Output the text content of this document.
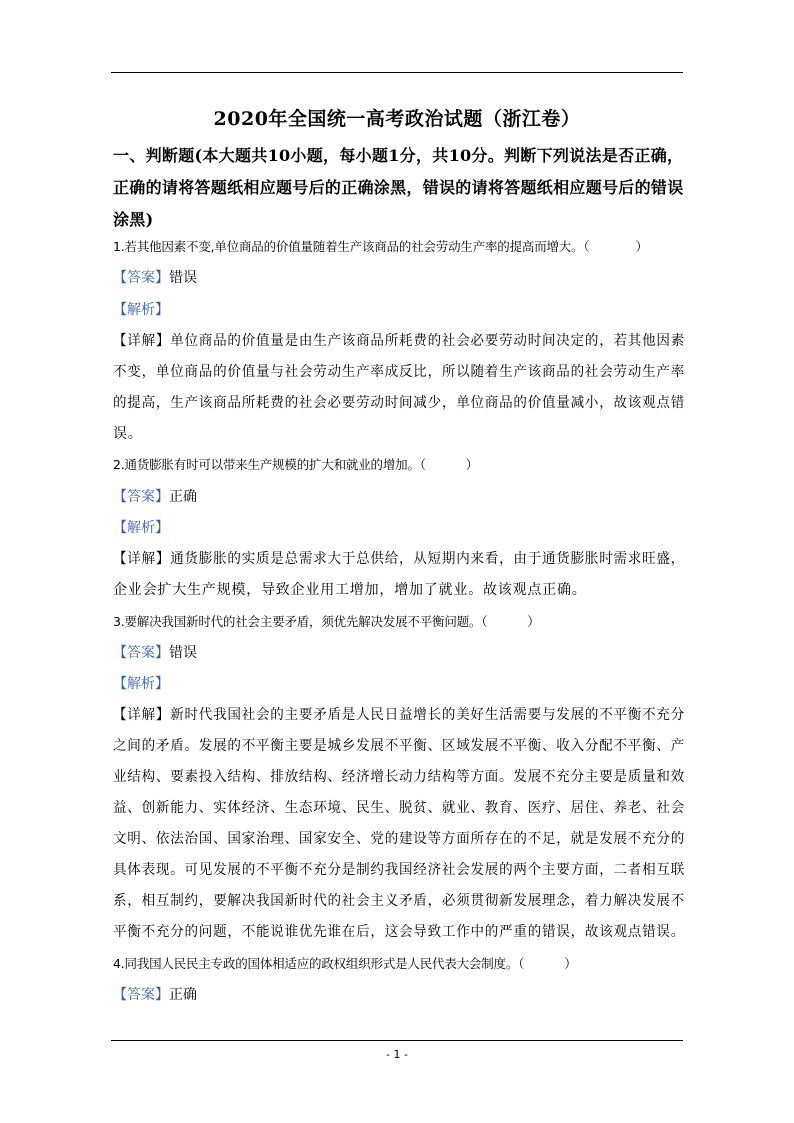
2020年全国统一高考政治试题（浙江卷）
一、判断题(本大题共10小题，每小题1分，共10分。判断下列说法是否正确，正确的请将答题纸相应题号后的正确涂黑，错误的请将答题纸相应题号后的错误涂黑)
1.若其他因素不变,单位商品的价值量随着生产该商品的社会劳动生产率的提高而增大。（	）
【答案】错误
【解析】
【详解】单位商品的价值量是由生产该商品所耗费的社会必要劳动时间决定的，若其他因素
不变，单位商品的价值量与社会劳动生产率成反比，所以随着生产该商品的社会劳动生产率
的提高，生产该商品所耗费的社会必要劳动时间减少，单位商品的价值量减小，故该观点错
误。
2.通货膨胀有时可以带来生产规模的扩大和就业的增加。（	）
【答案】正确
【解析】
【详解】通货膨胀的实质是总需求大于总供给，从短期内来看，由于通货膨胀时需求旺盛，
企业会扩大生产规模，导致企业用工增加，增加了就业。故该观点正确。
3.要解决我国新时代的社会主要矛盾，须优先解决发展不平衡问题。（	）
【答案】错误
【解析】
【详解】新时代我国社会的主要矛盾是人民日益增长的美好生活需要与发展的不平衡不充分
之间的矛盾。发展的不平衡主要是城乡发展不平衡、区域发展不平衡、收入分配不平衡、产
业结构、要素投入结构、排放结构、经济增长动力结构等方面。发展不充分主要是质量和效
益、创新能力、实体经济、生态环境、民生、脱贫、就业、教育、医疗、居住、养老、社会
文明、依法治国、国家治理、国家安全、党的建设等方面所存在的不足，就是发展不充分的
具体表现。可见发展的不平衡不充分是制约我国经济社会发展的两个主要方面，二者相互联
系，相互制约，要解决我国新时代的社会主义矛盾，必须贯彻新发展理念，着力解决发展不
平衡不充分的问题，不能说谁优先谁在后，这会导致工作中的严重的错误，故该观点错误。
4.同我国人民民主专政的国体相适应的政权组织形式是人民代表大会制度。（	）
【答案】正确
- 1 -
